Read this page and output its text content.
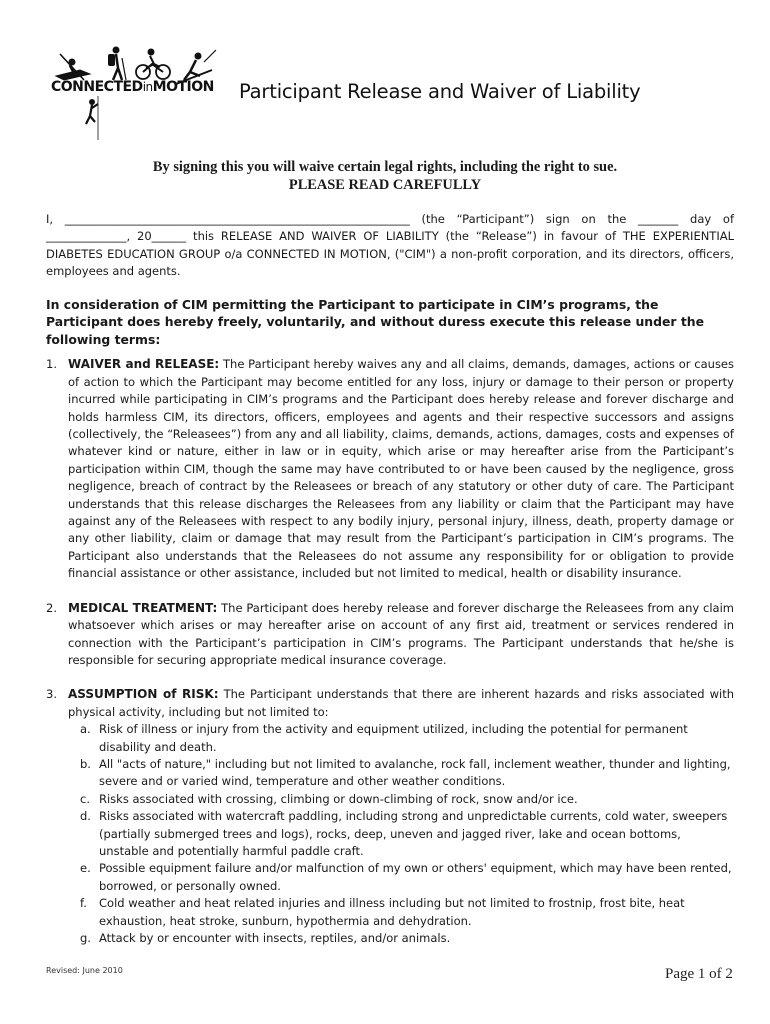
CONNECTEDinMOTION Participant Release and Waiver of Liability
By signing this you will waive certain legal rights, including the right to sue.
PLEASE READ CAREFULLY

I, ____________________________________________________________ (the “Participant”) sign on the _______ day of ______________, 20______ this RELEASE AND WAIVER OF LIABILITY (the “Release”) in favour of THE EXPERIENTIAL DIABETES EDUCATION GROUP o/a CONNECTED IN MOTION, ("CIM") a non-profit corporation, and its directors, officers, employees and agents.

In consideration of CIM permitting the Participant to participate in CIM’s programs, the Participant does hereby freely, voluntarily, and without duress execute this release under the following terms:

1. WAIVER and RELEASE: The Participant hereby waives any and all claims, demands, damages, actions or causes of action to which the Participant may become entitled for any loss, injury or damage to their person or property incurred while participating in CIM’s programs and the Participant does hereby release and forever discharge and holds harmless CIM, its directors, officers, employees and agents and their respective successors and assigns (collectively, the “Releasees”) from any and all liability, claims, demands, actions, damages, costs and expenses of whatever kind or nature, either in law or in equity, which arise or may hereafter arise from the Participant’s participation within CIM, though the same may have contributed to or have been caused by the negligence, gross negligence, breach of contract by the Releasees or breach of any statutory or other duty of care. The Participant understands that this release discharges the Releasees from any liability or claim that the Participant may have against any of the Releasees with respect to any bodily injury, personal injury, illness, death, property damage or any other liability, claim or damage that may result from the Participant’s participation in CIM’s programs. The Participant also understands that the Releasees do not assume any responsibility for or obligation to provide financial assistance or other assistance, included but not limited to medical, health or disability insurance.
2. MEDICAL TREATMENT: The Participant does hereby release and forever discharge the Releasees from any claim whatsoever which arises or may hereafter arise on account of any first aid, treatment or services rendered in connection with the Participant’s participation in CIM’s programs. The Participant understands that he/she is responsible for securing appropriate medical insurance coverage.
3. ASSUMPTION of RISK: The Participant understands that there are inherent hazards and risks associated with physical activity, including but not limited to:
a. Risk of illness or injury from the activity and equipment utilized, including the potential for permanent disability and death.
b. All "acts of nature," including but not limited to avalanche, rock fall, inclement weather, thunder and lighting, severe and or varied wind, temperature and other weather conditions.
c. Risks associated with crossing, climbing or down-climbing of rock, snow and/or ice.
d. Risks associated with watercraft paddling, including strong and unpredictable currents, cold water, sweepers (partially submerged trees and logs), rocks, deep, uneven and jagged river, lake and ocean bottoms, unstable and potentially harmful paddle craft.
e. Possible equipment failure and/or malfunction of my own or others' equipment, which may have been rented, borrowed, or personally owned.
f.	Cold weather and heat related injuries and illness including but not limited to frostnip, frost bite, heat exhaustion, heat stroke, sunburn, hypothermia and dehydration.
g. Attack by or encounter with insects, reptiles, and/or animals.
Revised: June 2010	Page 1 of 2
